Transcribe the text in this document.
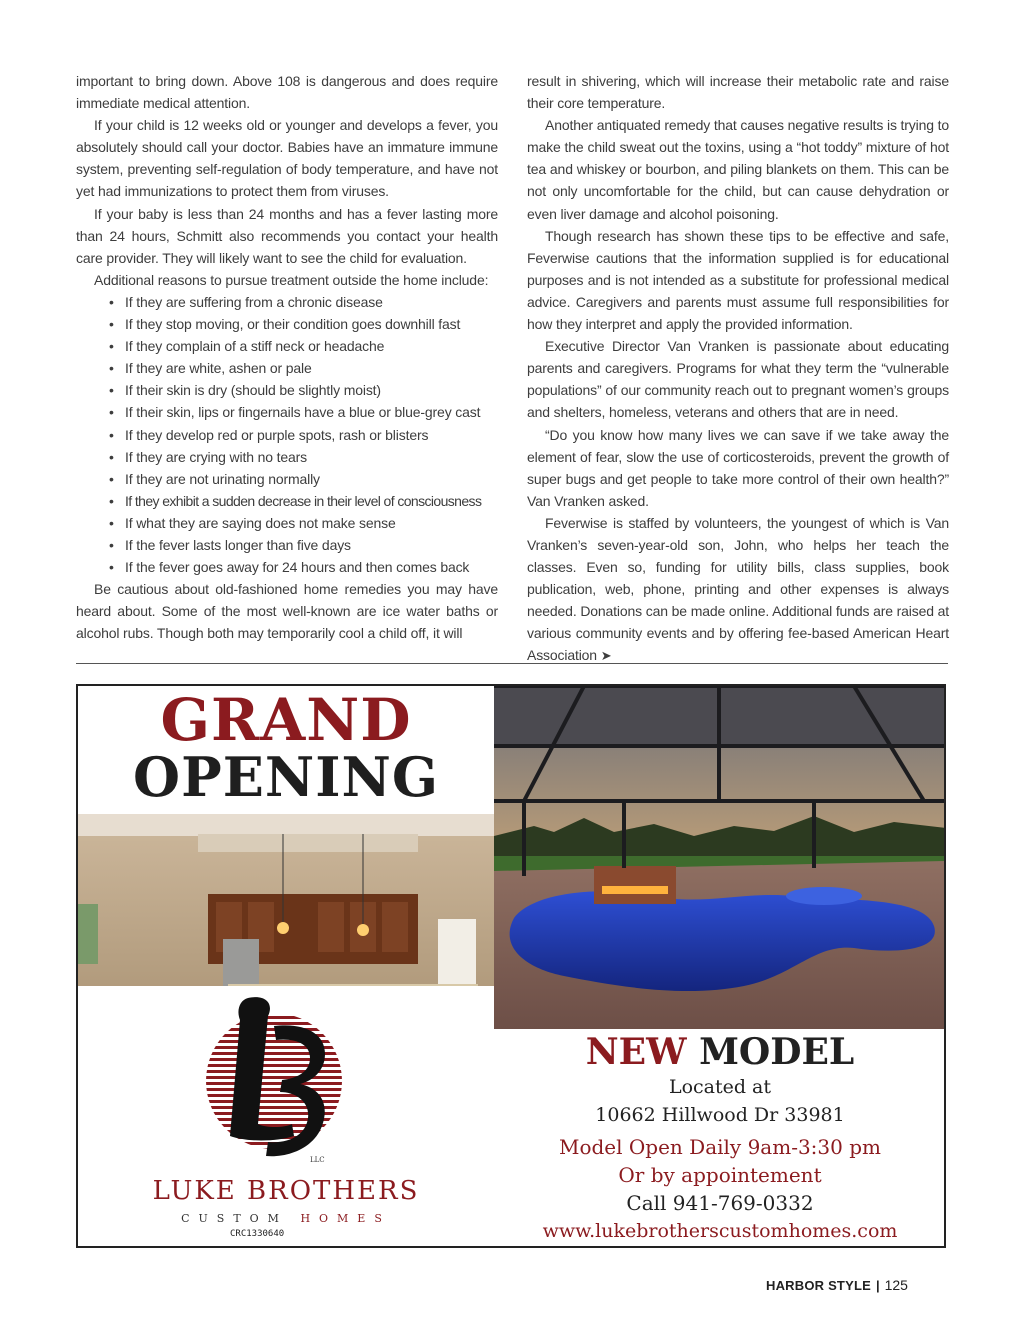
important to bring down. Above 108 is dangerous and does require immediate medical attention.

If your child is 12 weeks old or younger and develops a fever, you absolutely should call your doctor. Babies have an immature immune system, preventing self-regulation of body temperature, and have not yet had immunizations to protect them from viruses.

If your baby is less than 24 months and has a fever lasting more than 24 hours, Schmitt also recommends you contact your health care provider. They will likely want to see the child for evaluation.

Additional reasons to pursue treatment outside the home include:

• If they are suffering from a chronic disease
• If they stop moving, or their condition goes downhill fast
• If they complain of a stiff neck or headache
• If they are white, ashen or pale
• If their skin is dry (should be slightly moist)
• If their skin, lips or fingernails have a blue or blue-grey cast
• If they develop red or purple spots, rash or blisters
• If they are crying with no tears
• If they are not urinating normally
• If they exhibit a sudden decrease in their level of consciousness
• If what they are saying does not make sense
• If the fever lasts longer than five days
• If the fever goes away for 24 hours and then comes back

Be cautious about old-fashioned home remedies you may have heard about. Some of the most well-known are ice water baths or alcohol rubs. Though both may temporarily cool a child off, it will

result in shivering, which will increase their metabolic rate and raise their core temperature.

Another antiquated remedy that causes negative results is trying to make the child sweat out the toxins, using a “hot toddy” mixture of hot tea and whiskey or bourbon, and piling blankets on them. This can be not only uncomfortable for the child, but can cause dehydration or even liver damage and alcohol poisoning.

Though research has shown these tips to be effective and safe, Feverwise cautions that the information supplied is for educational purposes and is not intended as a substitute for professional medical advice. Caregivers and parents must assume full responsibilities for how they interpret and apply the provided information.

Executive Director Van Vranken is passionate about educating parents and caregivers. Programs for what they term the “vulnerable populations” of our community reach out to pregnant women’s groups and shelters, homeless, veterans and others that are in need.

“Do you know how many lives we can save if we take away the element of fear, slow the use of corticosteroids, prevent the growth of super bugs and get people to take more control of their own health?” Van Vranken asked.

Feverwise is staffed by volunteers, the youngest of which is Van Vranken’s seven-year-old son, John, who helps her teach the classes. Even so, funding for utility bills, class supplies, book publication, web, phone, printing and other expenses is always needed. Donations can be made online. Additional funds are raised at various community events and by offering fee-based American Heart Association ➤

GRAND
OPENING
LLC
LUKE BROTHERS
CUSTOM HOMES
CRC1330640
NEW MODEL
Located at
10662 Hillwood Dr 33981
Model Open Daily 9am-3:30 pm
Or by appointement
Call 941-769-0332
www.lukebrotherscustomhomes.com
HARBOR STYLE | 125
